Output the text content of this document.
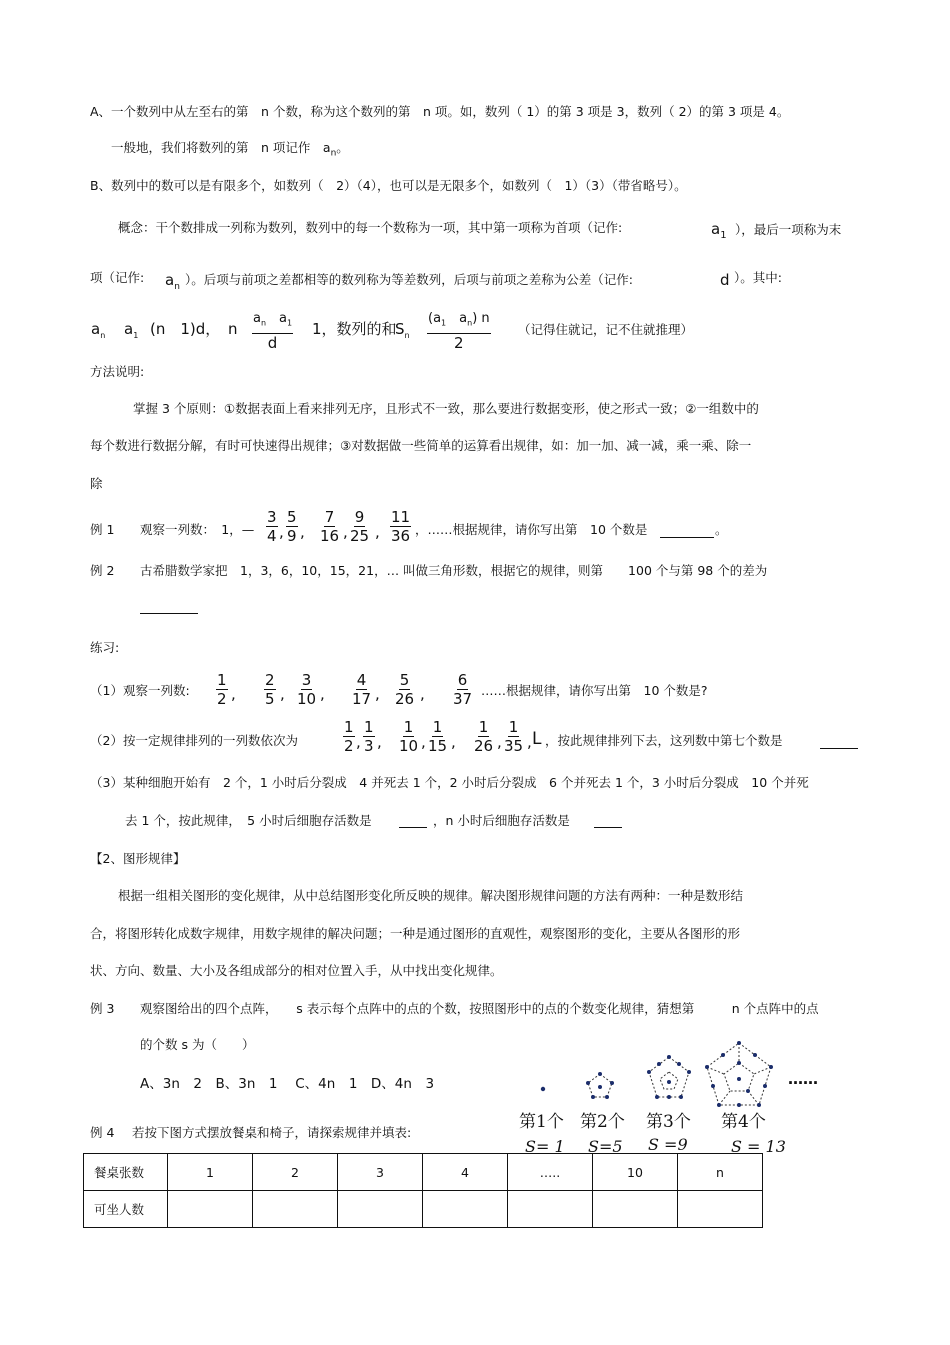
A、一个数列中从左至右的第　n 个数，称为这个数列的第　n 项。如，数列（ 1）的第 3 项是 3，数列（ 2）的第 3 项是 4。
一般地，我们将数列的第　n 项记作　$a_n$。
B、数列中的数可以是有限多个，如数列（　2）（4），也可以是无限多个，如数列（　1）（3）（带省略号）。
概念：干个数排成一列称为数列，数列中的每一个数称为一项，其中第一项称为首项（记作:	$a_1$ ），最后一项称为末
项（记作: $a_n$ ）。后项与前项之差都相等的数列称为等差数列，后项与前项之差称为公差（记作:	d ）。其中:
$a_n$ $a_1$ (n　1)d， n $\frac{a_n a_1}{d} 1$，数列的和
$S_n \frac{(a_1 a_n) n}{2}$ （记得住就记，记不住就推理）
方法说明:
掌握 3 个原则：①数据表面上看来排列无序，且形式不一致，那么要进行数据变形，使之形式一致；②一组数中的
每个数进行数据分解，有时可快速得出规律；③对数据做一些简单的运算看出规律，如：加一加、减一减，乘一乘、除一
除
例 1 观察一列数：　1，— $\frac{3}{4}$ , $\frac{5}{9}$ , $\frac{7}{16}$ , $\frac{9}{25}$ , $\frac{11}{36}$ ，……根据规律，请你写出第　10 个数是	。
例 2 古希腊数学家把　1，3，6，10，15，21，… 叫做三角形数，根据它的规律，则第　　100 个与第 98 个的差为
练习:
（1）观察一列数: $\frac{1}{2}$ , $\frac{2}{5}$ , $\frac{3}{10}$ , $\frac{4}{17}$ , $\frac{5}{26}$ , $\frac{6}{37}$ ……根据规律，请你写出第　10 个数是?
（2）按一定规律排列的一列数依次为	$\frac{1}{2}$ , $\frac{1}{3}$ , $\frac{1}{10}$ , $\frac{1}{15}$ , $\frac{1}{26}$ , $\frac{1}{35}$ , L ，按此规律排列下去，这列数中第七个数是
（3）某种细胞开始有　2 个，1 小时后分裂成　4 并死去 1 个，2 小时后分裂成　6 个并死去 1 个，3 小时后分裂成　10 个并死
去 1 个，按此规律，　5 小时后细胞存活数是	，n 小时后细胞存活数是
【2、图形规律】
根据一组相关图形的变化规律，从中总结图形变化所反映的规律。解决图形规律问题的方法有两种：一种是数形结
合，将图形转化成数字规律，用数字规律的解决问题；一种是通过图形的直观性，观察图形的变化，主要从各图形的形
状、方向、数量、大小及各组成部分的相对位置入手，从中找出变化规律。
例 3 观察图给出的四个点阵，　　s 表示每个点阵中的点的个数，按照图形中的点的个数变化规律，猜想第　　　n 个点阵中的点
的个数 s 为（　　）
A、3n　2　B、3n　1　 C、4n　1　D、4n　3	……
第1个 第2个 第3个 第4个
S= 1 S=5 S =9	S = 13
例 4 若按下图方式摆放餐桌和椅子，请探索规律并填表:
餐桌张数	1	2	3	4	…..	10	n
可坐人数							
